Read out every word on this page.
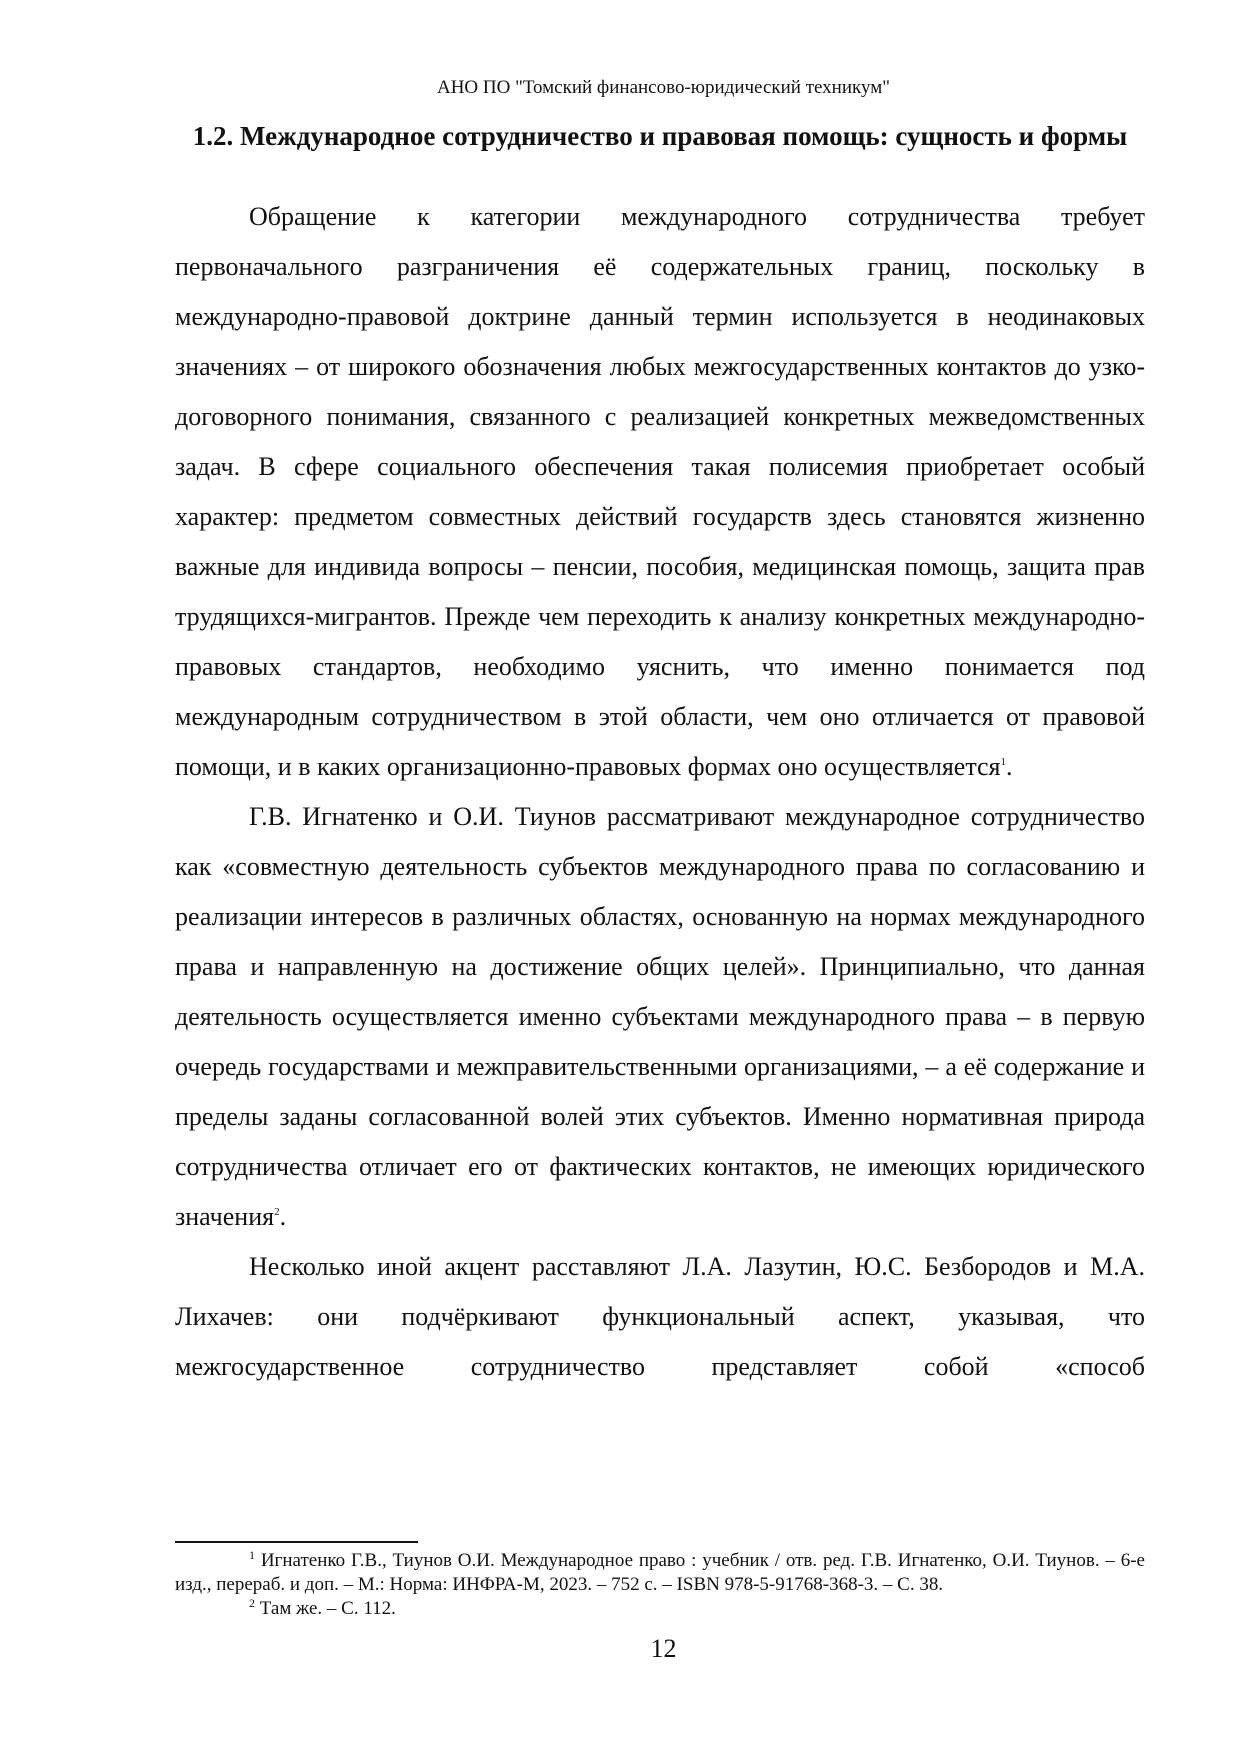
АНО ПО "Томский финансово-юридический техникум"
1.2. Международное сотрудничество и правовая помощь: сущность и формы

Обращение к категории международного сотрудничества требует первоначального разграничения её содержательных границ, поскольку в международно-правовой доктрине данный термин используется в неодинаковых значениях – от широкого обозначения любых межгосударственных контактов до узко-договорного понимания, связанного с реализацией конкретных межведомственных задач. В сфере социального обеспечения такая полисемия приобретает особый характер: предметом совместных действий государств здесь становятся жизненно важные для индивида вопросы – пенсии, пособия, медицинская помощь, защита прав трудящихся-мигрантов. Прежде чем переходить к анализу конкретных международно-правовых стандартов, необходимо уяснить, что именно понимается под международным сотрудничеством в этой области, чем оно отличается от правовой помощи, и в каких организационно-правовых формах оно осуществляется$^1$.

Г.В. Игнатенко и О.И. Тиунов рассматривают международное сотрудничество как «совместную деятельность субъектов международного права по согласованию и реализации интересов в различных областях, основанную на нормах международного права и направленную на достижение общих целей». Принципиально, что данная деятельность осуществляется именно субъектами международного права – в первую очередь государствами и межправительственными организациями, – а её содержание и пределы заданы согласованной волей этих субъектов. Именно нормативная природа сотрудничества отличает его от фактических контактов, не имеющих юридического значения$^2$.

Несколько иной акцент расставляют Л.А. Лазутин, Ю.С. Безбородов и М.А. Лихачев: они подчёркивают функциональный аспект, указывая, что межгосударственное сотрудничество представляет собой «способ

$^1$ Игнатенко Г.В., Тиунов О.И. Международное право : учебник / отв. ред. Г.В. Игнатенко, О.И. Тиунов. – 6-е изд., перераб. и доп. – М.: Норма: ИНФРА-М, 2023. – 752 с. – ISBN 978-5-91768-368-3. – С. 38.

$^2$ Там же. – С. 112.

12
